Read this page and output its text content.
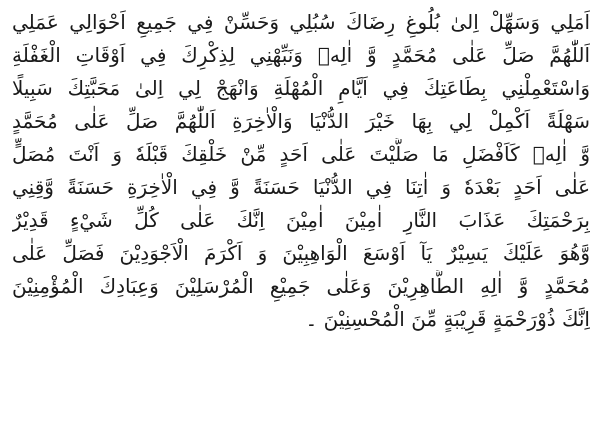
اَمَلِي وَسَهِّلْ اِلىٰ بُلُوغِ رِضَاكَ سُبُلِي وَحَسِّنْ فِي جَمِيعِ اَحْوَالِي عَمَلِي
اَللّٰهُمَّ صَلِّ عَلٰى مُحَمَّدٍ وَّ اٰلِهٖ وَنَبِّهْنِي لِذِكْرِكَ فِي اَوْقَاتِ الْغَفْلَةِ
وَاسْتَعْمِلْنِي بِطَاعَتِكَ فِي اَيَّامِ الْمُهْلَةِ وَانْهَجْ لِي اِلىٰ مَحَبَّتِكَ سَبِيلًا
سَهْلَةً اَكْمِلْ لِي بِهَا خَيْرَ الدُّنْيَا وَالْاٰخِرَةِ اَللّٰهُمَّ صَلِّ عَلٰى مُحَمَّدٍ
وَّ اٰلِهٖ كَاَفْضَلِ مَا صَلَّيْتَ عَلٰى اَحَدٍ مِّنْ خَلْقِكَ قَبْلَهٗ وَ اَنْتَ مُصَلٍّ
عَلٰى اَحَدٍ بَعْدَهٗ وَ اٰتِنَا فِي الدُّنْيَا حَسَنَةً وَّ فِي الْاٰخِرَةِ حَسَنَةً وَّقِنِي
بِرَحْمَتِكَ عَذَابَ النَّارِ اٰمِيْنَ اٰمِيْنَ اِنَّكَ عَلٰى كُلِّ شَيْءٍ قَدِيْرٌ
وَّهُوَ عَلَيْكَ يَسِيْرٌ يَآ اَوْسَعَ الْوَاهِبِيْنَ وَ اَكْرَمَ الْاَجْوَدِيْنَ فَصَلِّ عَلٰى
مُحَمَّدٍ وَّ اٰلِهِ الطَّاهِرِيْنَ وَعَلٰى جَمِيْعِ الْمُرْسَلِيْنَ وَعِبَادِكَ الْمُؤْمِنِيْنَ
اِنَّكَ ذُوْرَحْمَةٍ قَرِيْبَةٍ مِّنَ الْمُحْسِنِيْنَ ۔
